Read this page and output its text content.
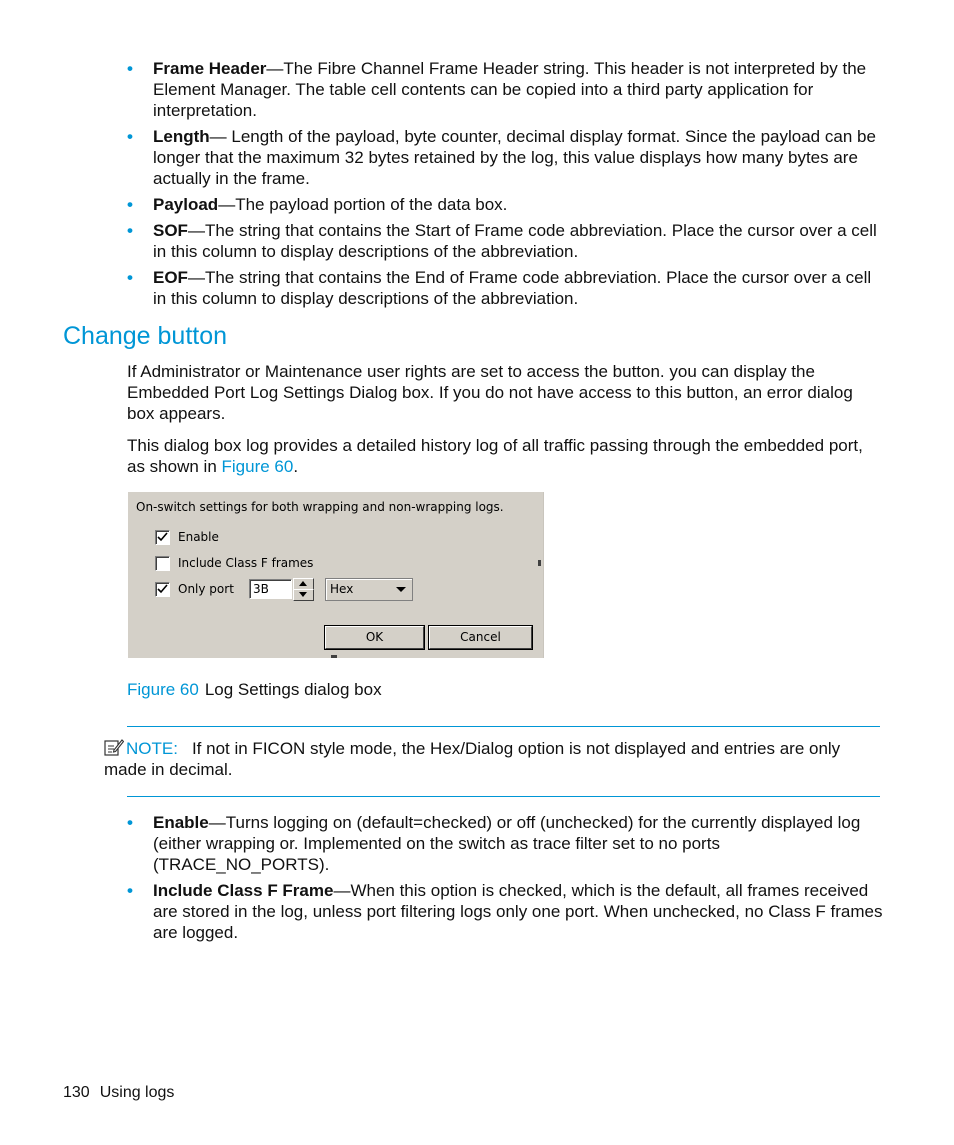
• Frame Header—The Fibre Channel Frame Header string. This header is not interpreted by the Element Manager. The table cell contents can be copied into a third party application for interpretation.
• Length— Length of the payload, byte counter, decimal display format. Since the payload can be longer that the maximum 32 bytes retained by the log, this value displays how many bytes are actually in the frame.
• Payload—The payload portion of the data box.
• SOF—The string that contains the Start of Frame code abbreviation. Place the cursor over a cell in this column to display descriptions of the abbreviation.
• EOF—The string that contains the End of Frame code abbreviation. Place the cursor over a cell in this column to display descriptions of the abbreviation.
Change button

If Administrator or Maintenance user rights are set to access the button. you can display the Embedded Port Log Settings Dialog box. If you do not have access to this button, an error dialog box appears.

This dialog box log provides a detailed history log of all traffic passing through the embedded port, as shown in Figure 60.

On-switch settings for both wrapping and non-wrapping logs.
Enable
Include Class F frames
Only port	3B	Hex
OK	Cancel

Figure 60 Log Settings dialog box

NOTE: If not in FICON style mode, the Hex/Dialog option is not displayed and entries are only made in decimal.

• Enable—Turns logging on (default=checked) or off (unchecked) for the currently displayed log (either wrapping or. Implemented on the switch as trace filter set to no ports (TRACE_NO_PORTS).
• Include Class F Frame—When this option is checked, which is the default, all frames received are stored in the log, unless port filtering logs only one port. When unchecked, no Class F frames are logged.
130 Using logs
